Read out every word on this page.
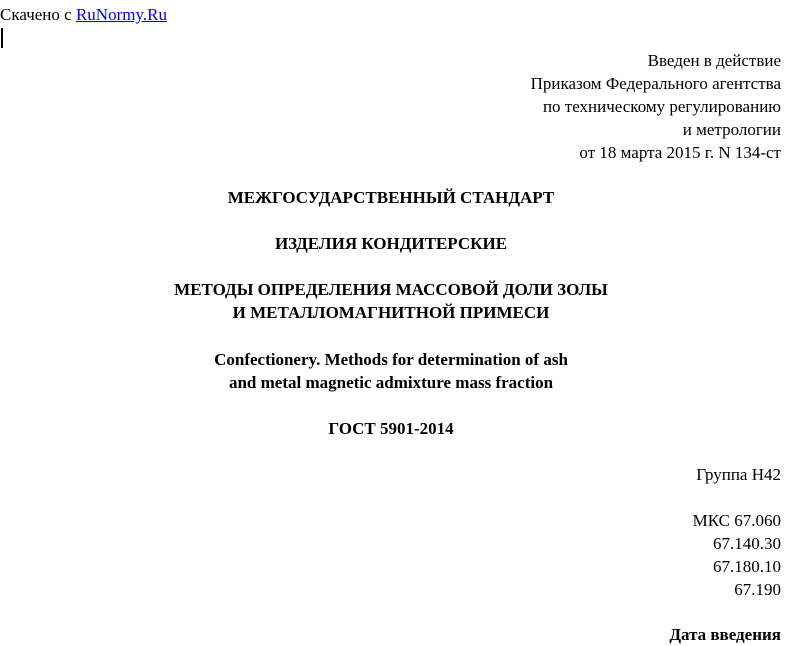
Скачено с RuNormy.Ru
Введен в действие
Приказом Федерального агентства
по техническому регулированию
и метрологии
от 18 марта 2015 г. N 134-ст
МЕЖГОСУДАРСТВЕННЫЙ СТАНДАРТ
ИЗДЕЛИЯ КОНДИТЕРСКИЕ
МЕТОДЫ ОПРЕДЕЛЕНИЯ МАССОВОЙ ДОЛИ ЗОЛЫ
И МЕТАЛЛОМАГНИТНОЙ ПРИМЕСИ
Confectionery. Methods for determination of ash
and metal magnetic admixture mass fraction
ГОСТ 5901-2014
Группа Н42
МКС 67.060
67.140.30
67.180.10
67.190
Дата введения
